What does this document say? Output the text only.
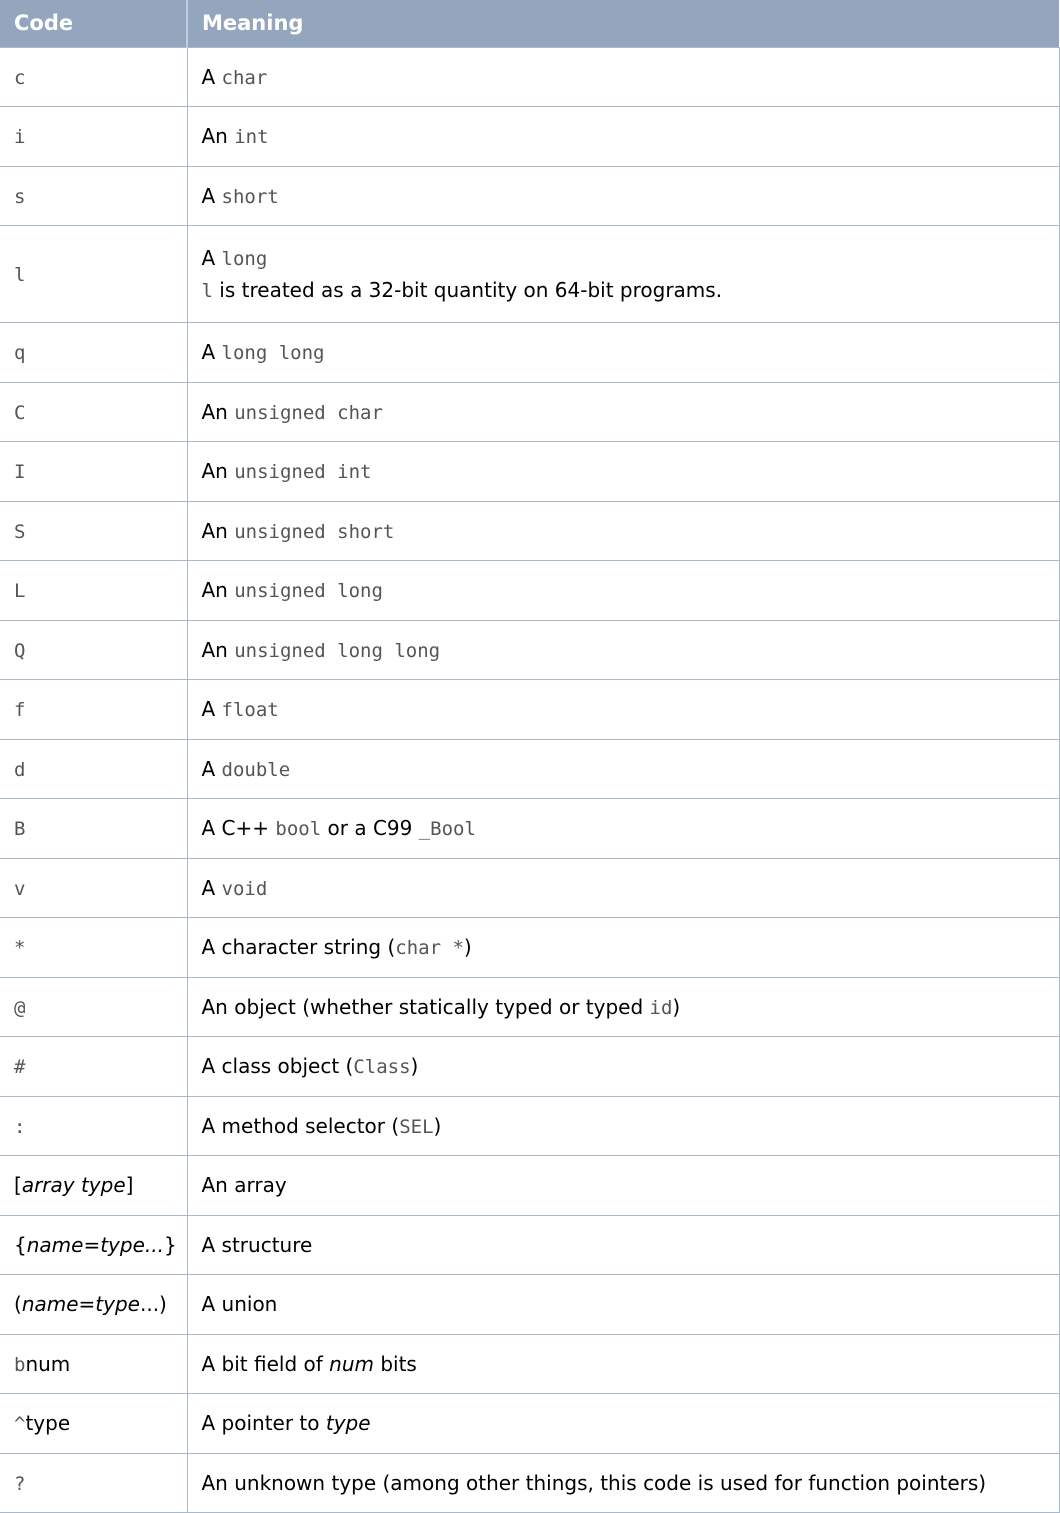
Code	Meaning
c	A char

i	An int

s	A short

l	A long
l is treated as a 32-bit quantity on 64-bit programs.

q	A long long

C	An unsigned char

I	An unsigned int

S	An unsigned short

L	An unsigned long

Q	An unsigned long long

f	A float

d	A double

B	A C++ bool or a C99 _Bool

v	A void

*	A character string (char *)

@	An object (whether statically typed or typed id)

#	A class object (Class)

:	A method selector (SEL)

[array type]	An array

{name=type...}	A structure

(name=type...)	A union

bnum	A bit field of num bits

^type	A pointer to type

?	An unknown type (among other things, this code is used for function pointers)
